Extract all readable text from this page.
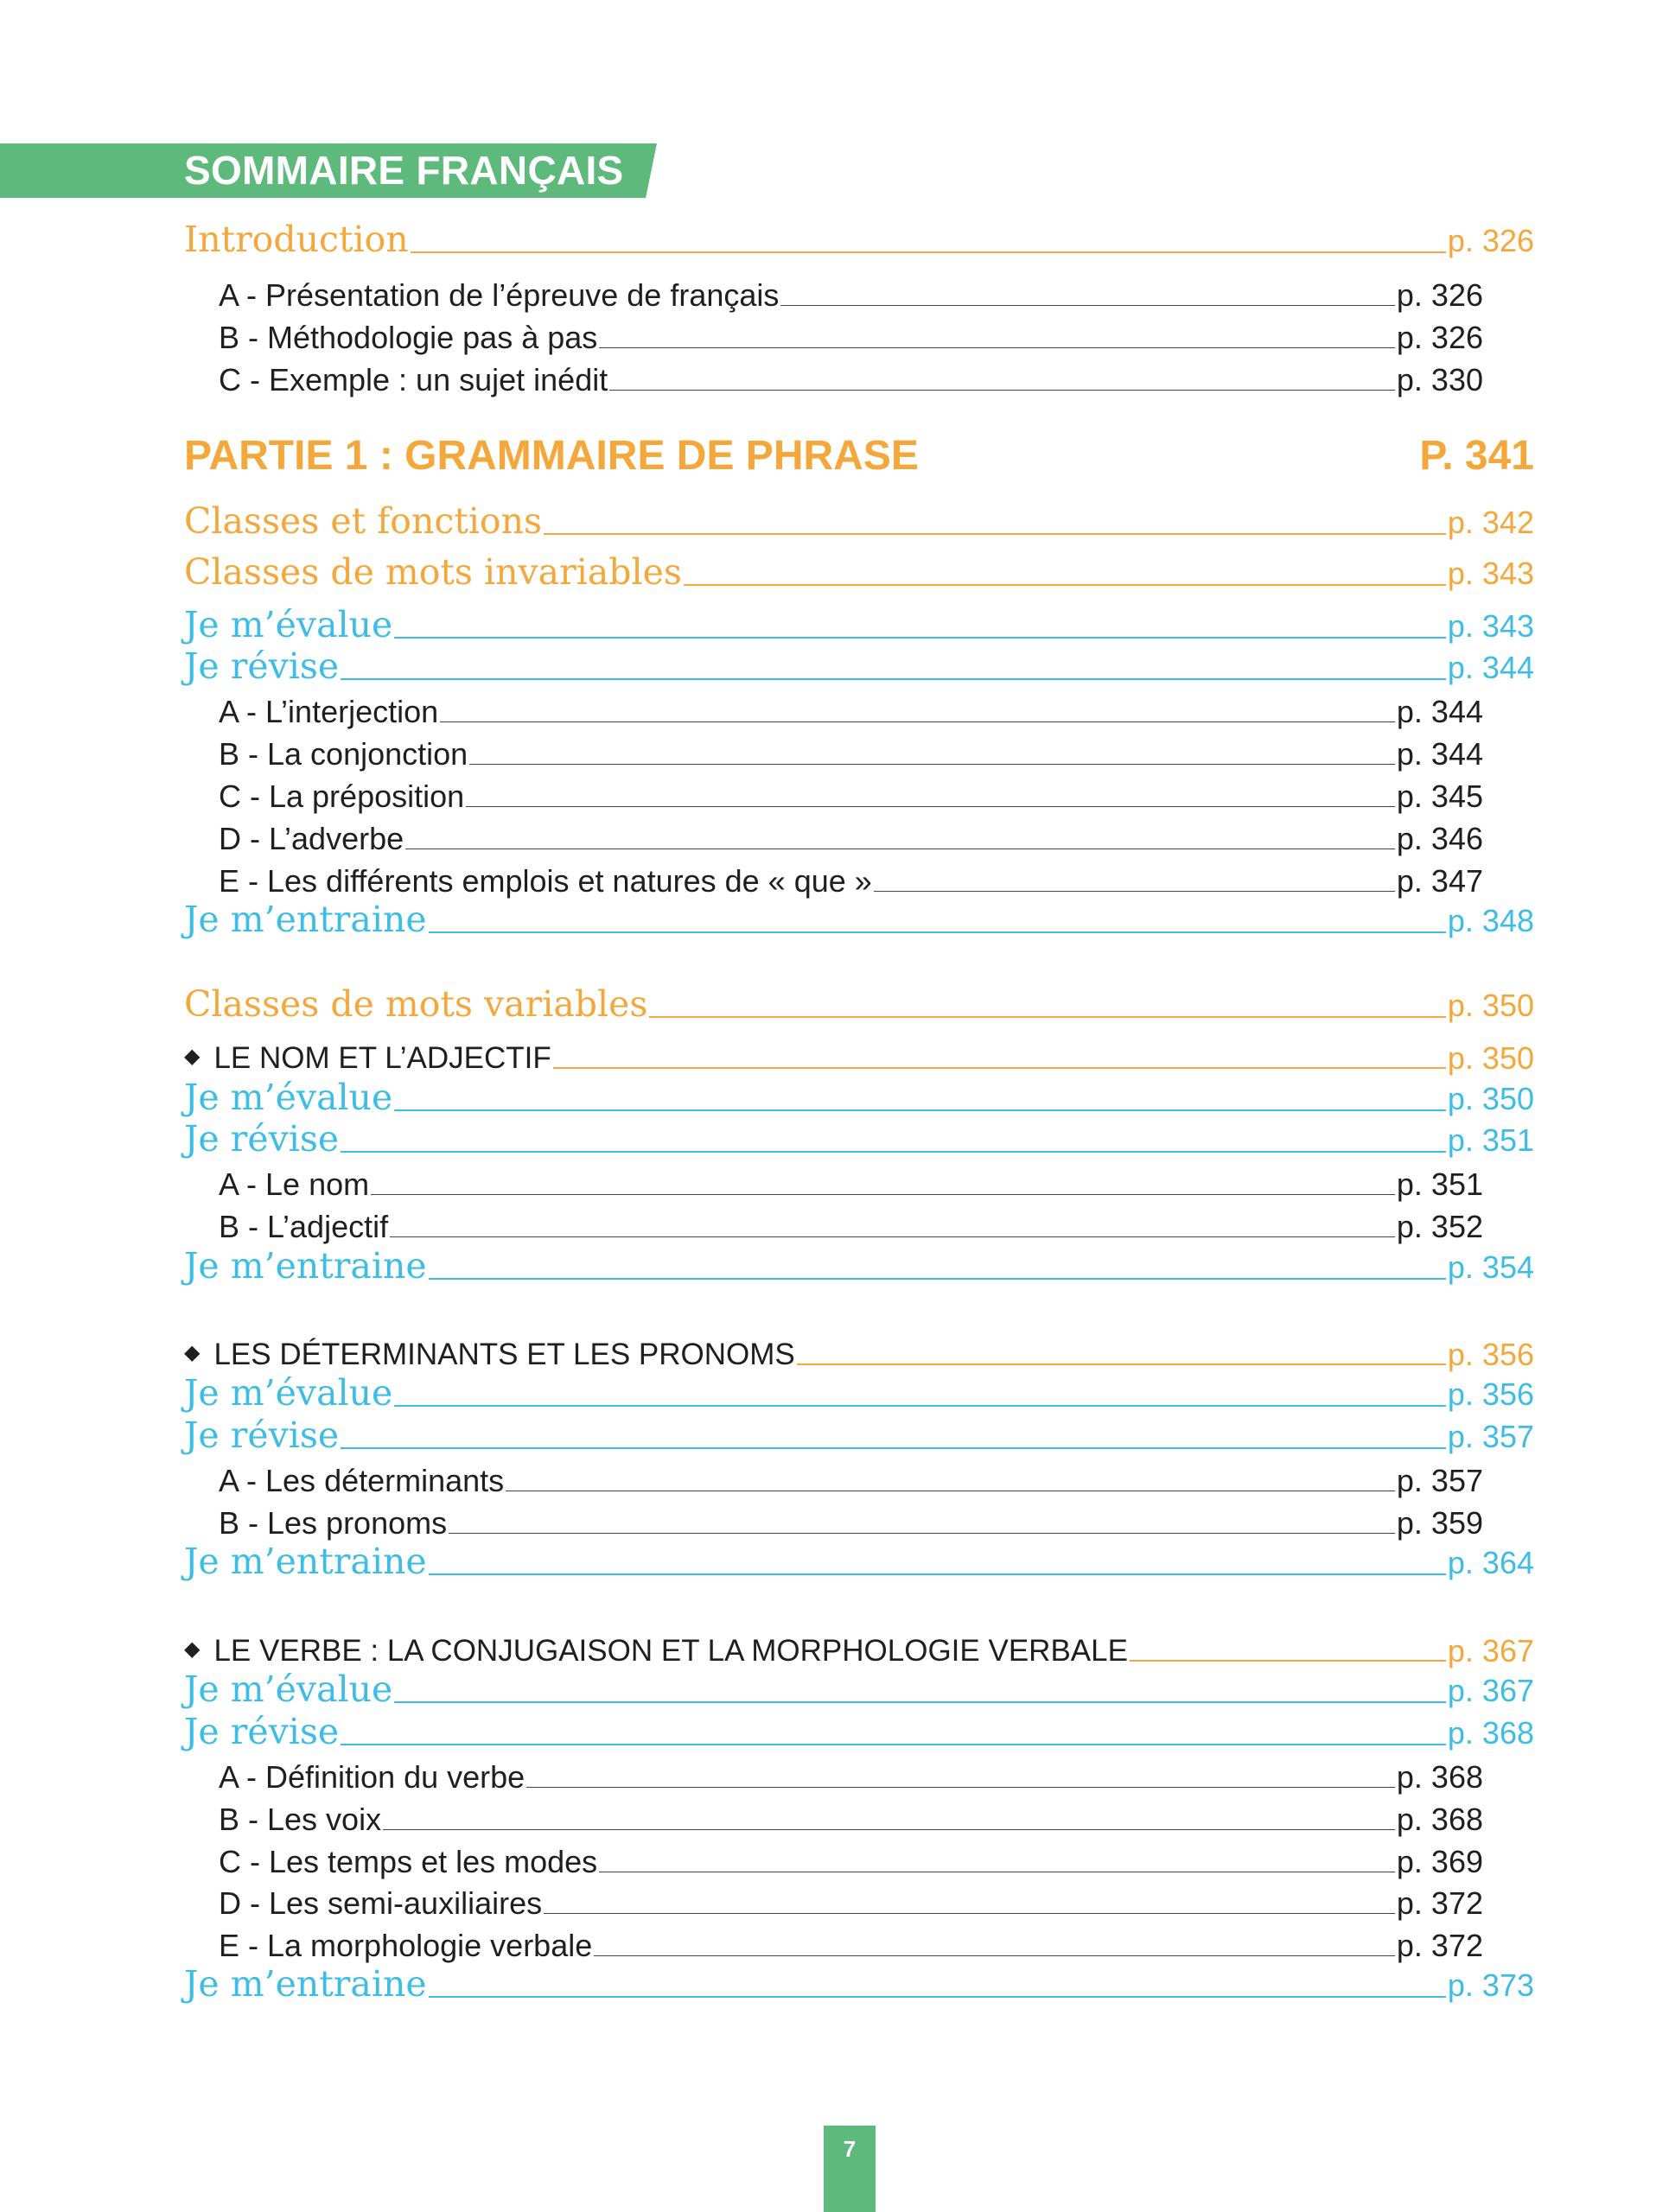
SOMMAIRE FRANÇAIS
Introduction	p. 326
A - Présentation de l’épreuve de français	p. 326
B - Méthodologie pas à pas	p. 326
C - Exemple : un sujet inédit	p. 330
PARTIE 1 : GRAMMAIRE DE PHRASE	P. 341
Classes et fonctions	p. 342
Classes de mots invariables	p. 343
Je m’évalue	p. 343
Je révise	p. 344
A - L’interjection	p. 344
B - La conjonction	p. 344
C - La préposition	p. 345
D - L’adverbe	p. 346
E - Les différents emplois et natures de « que »	p. 347
Je m’entraine	p. 348
Classes de mots variables	p. 350
◆ LE NOM ET L’ADJECTIF	p. 350
Je m’évalue	p. 350
Je révise	p. 351
A - Le nom	p. 351
B - L’adjectif	p. 352
Je m’entraine	p. 354
◆ LES DÉTERMINANTS ET LES PRONOMS	p. 356
Je m’évalue	p. 356
Je révise	p. 357
A - Les déterminants	p. 357
B - Les pronoms	p. 359
Je m’entraine	p. 364
◆ LE VERBE : LA CONJUGAISON ET LA MORPHOLOGIE VERBALE	p. 367
Je m’évalue	p. 367
Je révise	p. 368
A - Définition du verbe	p. 368
B - Les voix	p. 368
C - Les temps et les modes	p. 369
D - Les semi-auxiliaires	p. 372
E - La morphologie verbale	p. 372
Je m’entraine	p. 373
7
